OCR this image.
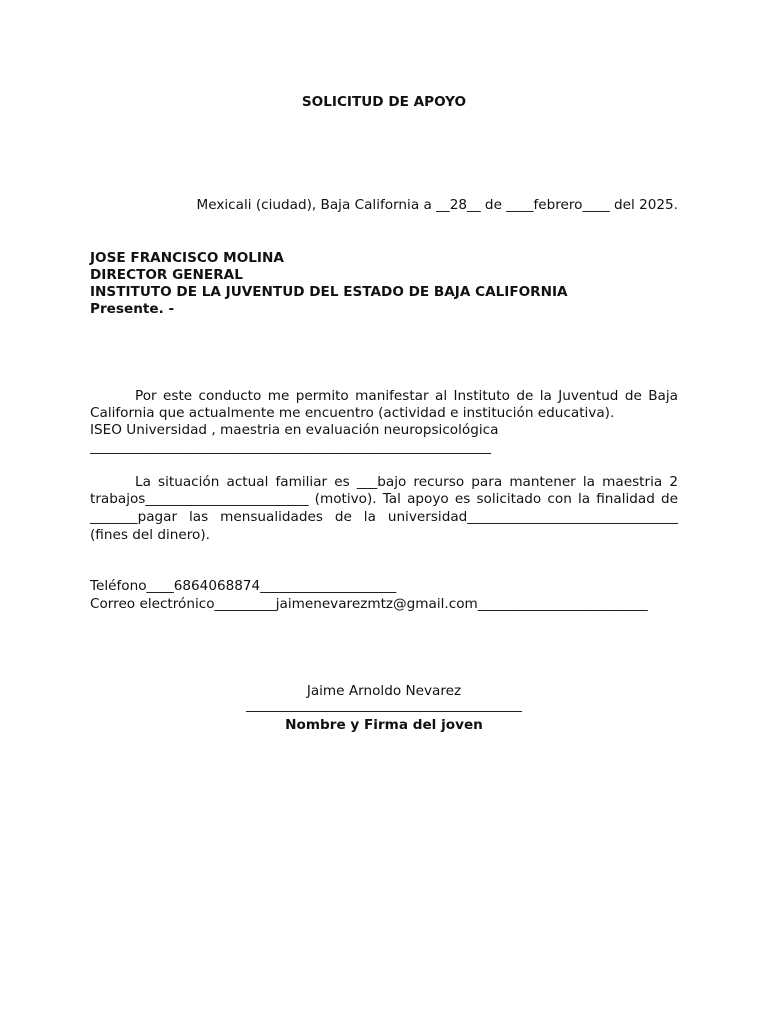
SOLICITUD DE APOYO
Mexicali (ciudad), Baja California a __28__ de ____febrero____ del 2025.
JOSE FRANCISCO MOLINA
DIRECTOR GENERAL
INSTITUTO DE LA JUVENTUD DEL ESTADO DE BAJA CALIFORNIA
Presente. -
Por este conducto me permito manifestar al Instituto de la Juventud de Baja
California que actualmente me encuentro (actividad e institución educativa).
ISEO Universidad , maestria en evaluación neuropsicológica
___________________________________________________________
La situación actual familiar es ___bajo recurso para mantener la maestria 2
trabajos________________________ (motivo). Tal apoyo es solicitado con la finalidad de
_______pagar las mensualidades de la universidad_______________________________
(fines del dinero).
Teléfono____6864068874____________________
Correo electrónico_________jaimenevarezmtz@gmail.com_________________________
Jaime Arnoldo Nevarez
Nombre y Firma del joven
